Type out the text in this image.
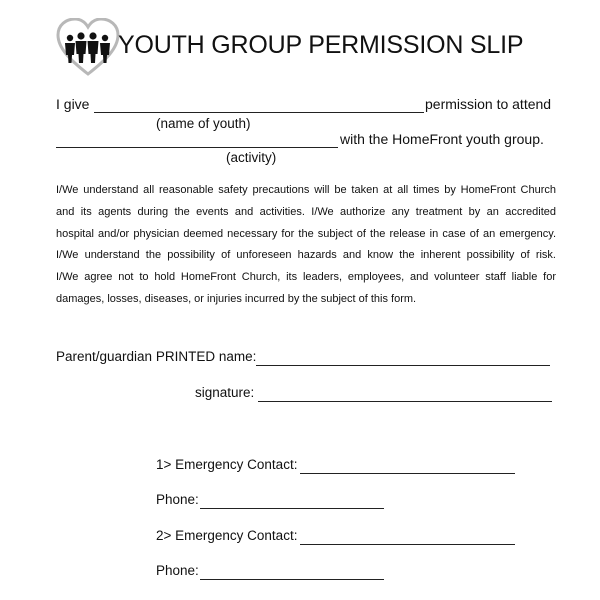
YOUTH GROUP PERMISSION SLIP
I give	permission to attend
(name of youth)
with the HomeFront youth group.
(activity)

I/We understand all reasonable safety precautions will be taken at all times by HomeFront Church

and its agents during the events and activities. I/We authorize any treatment by an accredited

hospital and/or physician deemed necessary for the subject of the release in case of an emergency.

I/We understand the possibility of unforeseen hazards and know the inherent possibility of risk.

I/We agree not to hold HomeFront Church, its leaders, employees, and volunteer staff liable for

damages, losses, diseases, or injuries incurred by the subject of this form.

Parent/guardian PRINTED name:
signature:
1> Emergency Contact:
Phone:
2> Emergency Contact:
Phone:
